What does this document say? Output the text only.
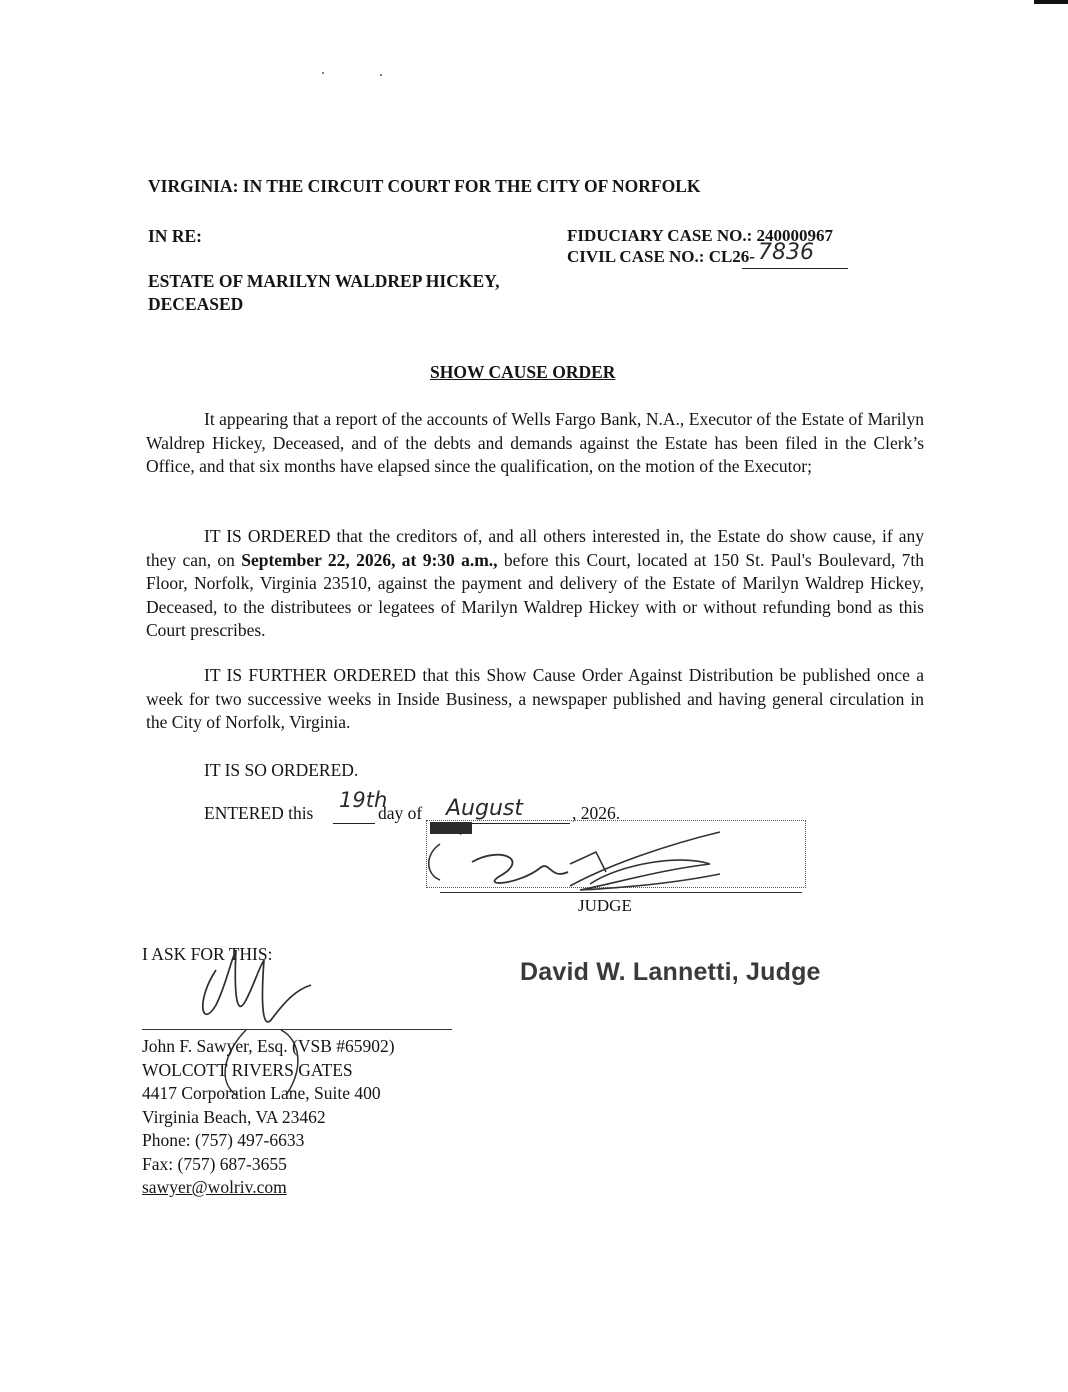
VIRGINIA: IN THE CIRCUIT COURT FOR THE CITY OF NORFOLK
IN RE:	FIDUCIARY CASE NO.: 240000967
CIVIL CASE NO.: CL26- 7836
ESTATE OF MARILYN WALDREP HICKEY,
DECEASED
SHOW CAUSE ORDER
It appearing that a report of the accounts of Wells Fargo Bank, N.A., Executor of the Estate of Marilyn Waldrep Hickey, Deceased, and of the debts and demands against the Estate has been filed in the Clerk’s Office, and that six months have elapsed since the qualification, on the motion of the Executor;
IT IS ORDERED that the creditors of, and all others interested in, the Estate do show cause, if any they can, on September 22, 2026, at 9:30 a.m., before this Court, located at 150 St. Paul's Boulevard, 7th Floor, Norfolk, Virginia 23510, against the payment and delivery of the Estate of Marilyn Waldrep Hickey, Deceased, to the distributees or legatees of Marilyn Waldrep Hickey with or without refunding bond as this Court prescribes.
IT IS FURTHER ORDERED that this Show Cause Order Against Distribution be published once a week for two successive weeks in Inside Business, a newspaper published and having general circulation in the City of Norfolk, Virginia.
IT IS SO ORDERED.
ENTERED this
19th
day of August	, 2026.
JUDGE
David W. Lannetti, Judge
I ASK FOR THIS:
John F. Sawyer, Esq. (VSB #65902)
WOLCOTT RIVERS GATES
4417 Corporation Lane, Suite 400
Virginia Beach, VA 23462
Phone: (757) 497-6633
Fax: (757) 687-3655
sawyer@wolriv.com
